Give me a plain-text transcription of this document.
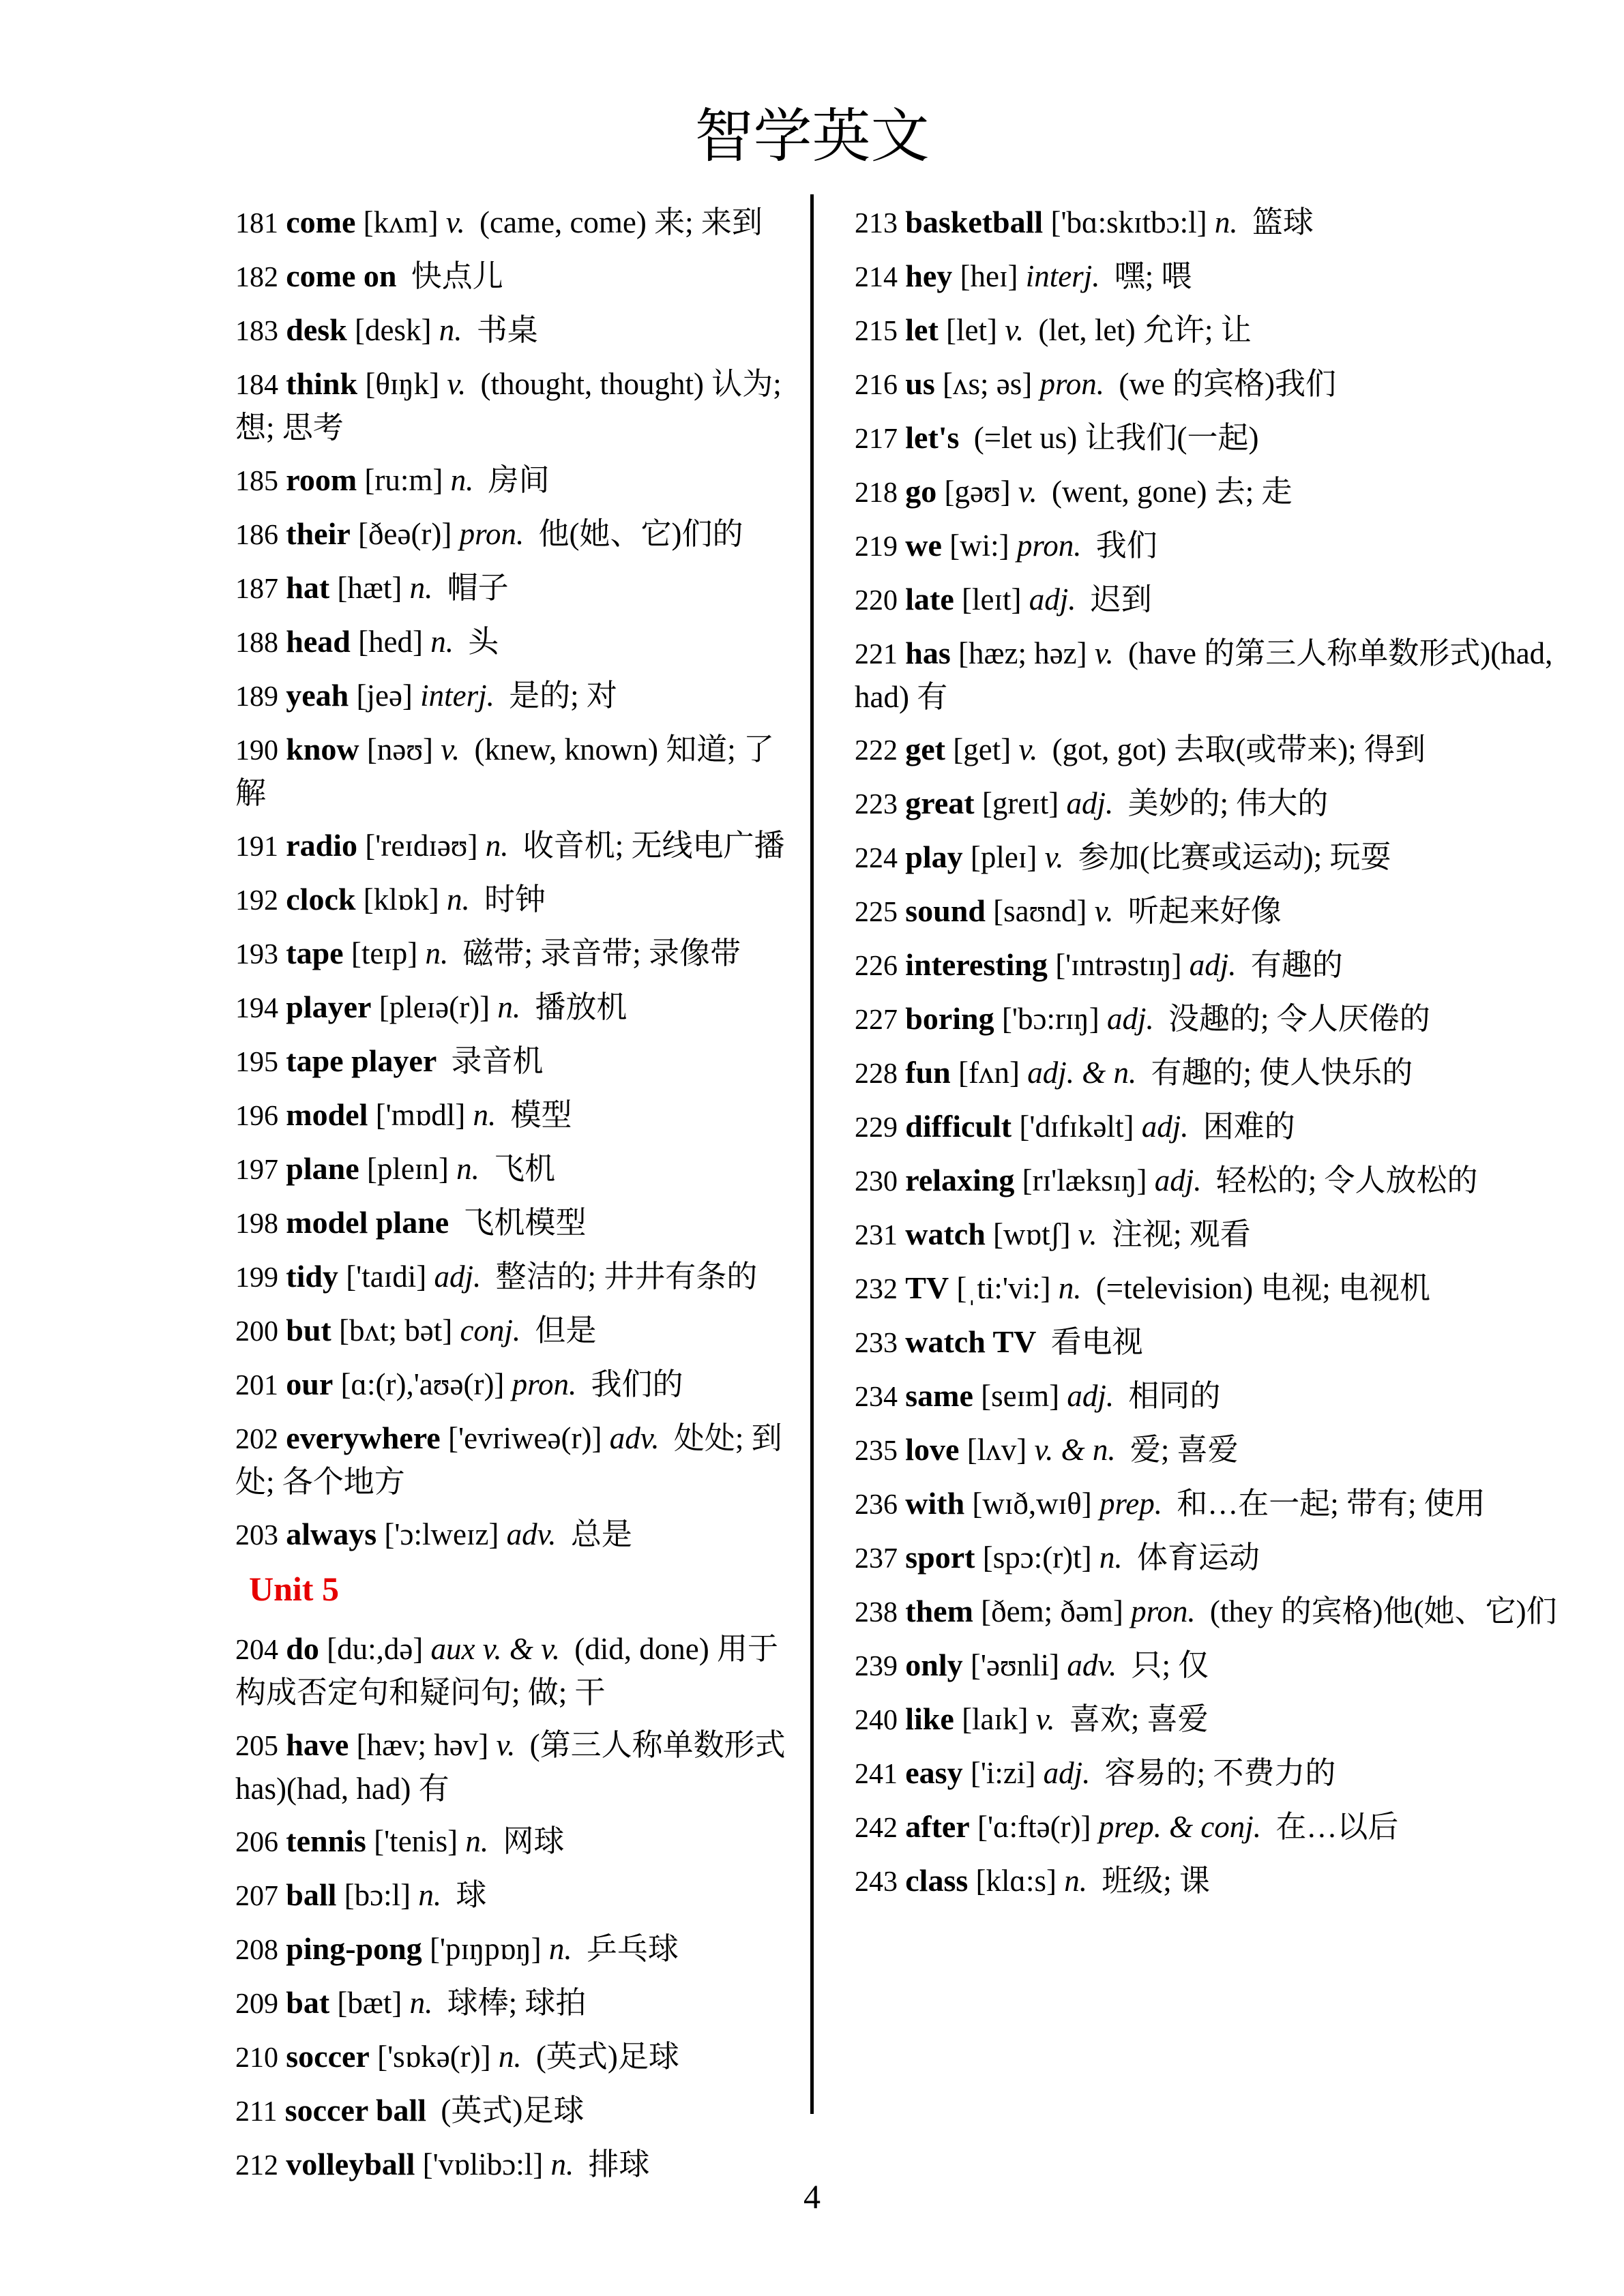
智学英文

181 come [kʌm] v. (came, come) 来; 来到

182 come on 快点儿

183 desk [desk] n. 书桌

184 think [θɪŋk] v. (thought, thought) 认为; 想; 思考

185 room [ru:m] n. 房间

186 their [ðeə(r)] pron. 他(她、它)们的

187 hat [hæt] n. 帽子

188 head [hed] n. 头

189 yeah [jeə] interj. 是的; 对

190 know [nəʊ] v. (knew, known) 知道; 了解

191 radio ['reɪdɪəʊ] n. 收音机; 无线电广播

192 clock [klɒk] n. 时钟

193 tape [teɪp] n. 磁带; 录音带; 录像带

194 player [pleɪə(r)] n. 播放机

195 tape player 录音机

196 model ['mɒdl] n. 模型

197 plane [pleɪn] n. 飞机

198 model plane 飞机模型

199 tidy ['taɪdi] adj. 整洁的; 井井有条的

200 but [bʌt; bət] conj. 但是

201 our [ɑ:(r),'aʊə(r)] pron. 我们的

202 everywhere ['evriweə(r)] adv. 处处; 到处; 各个地方

203 always ['ɔ:lweɪz] adv. 总是

Unit 5

204 do [du:,də] aux v. & v. (did, done) 用于构成否定句和疑问句; 做; 干

205 have [hæv; həv] v. (第三人称单数形式 has)(had, had) 有

206 tennis ['tenis] n. 网球

207 ball [bɔ:l] n. 球

208 ping-pong ['pɪŋpɒŋ] n. 乒乓球

209 bat [bæt] n. 球棒; 球拍

210 soccer ['sɒkə(r)] n. (英式)足球

211 soccer ball (英式)足球

212 volleyball ['vɒlibɔ:l] n. 排球

213 basketball ['bɑ:skɪtbɔ:l] n. 篮球

214 hey [heɪ] interj. 嘿; 喂

215 let [let] v. (let, let) 允许; 让

216 us [ʌs; əs] pron. (we 的宾格)我们

217 let's (=let us) 让我们(一起)

218 go [gəʊ] v. (went, gone) 去; 走

219 we [wi:] pron. 我们

220 late [leɪt] adj. 迟到

221 has [hæz; həz] v. (have 的第三人称单数形式)(had, had) 有

222 get [get] v. (got, got) 去取(或带来); 得到

223 great [greɪt] adj. 美妙的; 伟大的

224 play [pleɪ] v. 参加(比赛或运动); 玩耍

225 sound [saʊnd] v. 听起来好像

226 interesting ['ɪntrəstɪŋ] adj. 有趣的

227 boring ['bɔ:rɪŋ] adj. 没趣的; 令人厌倦的

228 fun [fʌn] adj. & n. 有趣的; 使人快乐的

229 difficult ['dɪfɪkəlt] adj. 困难的

230 relaxing [rɪ'læksɪŋ] adj. 轻松的; 令人放松的

231 watch [wɒtʃ] v. 注视; 观看

232 TV [ˌti:'vi:] n. (=television) 电视; 电视机

233 watch TV 看电视

234 same [seɪm] adj. 相同的

235 love [lʌv] v. & n. 爱; 喜爱

236 with [wɪð,wɪθ] prep. 和…在一起; 带有; 使用

237 sport [spɔ:(r)t] n. 体育运动

238 them [ðem; ðəm] pron. (they 的宾格)他(她、它)们

239 only ['əʊnli] adv. 只; 仅

240 like [laɪk] v. 喜欢; 喜爱

241 easy ['i:zi] adj. 容易的; 不费力的

242 after ['ɑ:ftə(r)] prep. & conj. 在…以后

243 class [klɑ:s] n. 班级; 课

4
